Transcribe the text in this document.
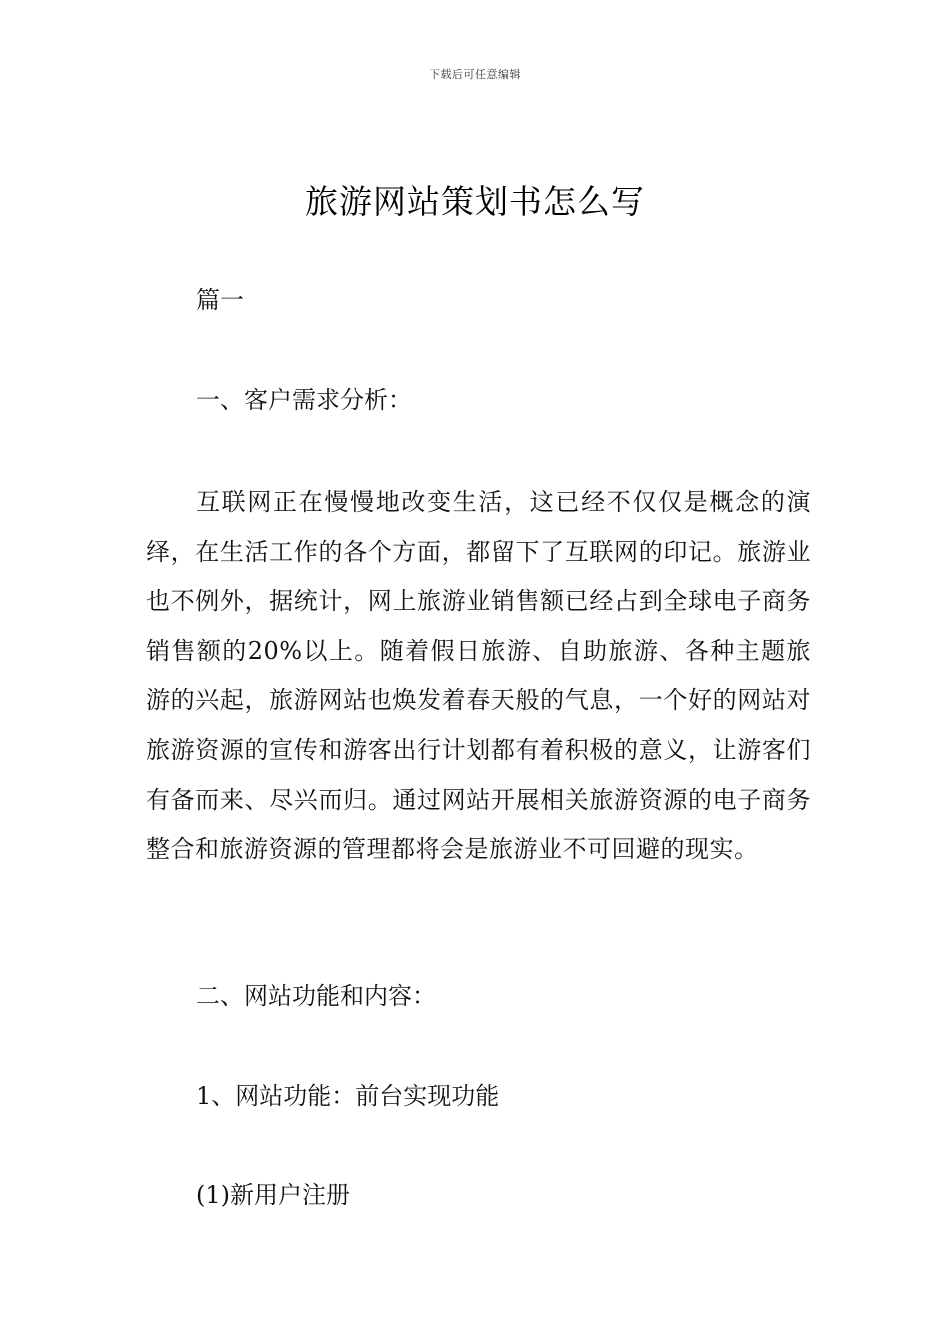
下载后可任意编辑
旅游网站策划书怎么写
篇一
一、客户需求分析：
互联网正在慢慢地改变生活，这已经不仅仅是概念的演绎，在生活工作的各个方面，都留下了互联网的印记。旅游业也不例外，据统计，网上旅游业销售额已经占到全球电子商务销售额的20%以上。随着假日旅游、自助旅游、各种主题旅游的兴起，旅游网站也焕发着春天般的气息，一个好的网站对旅游资源的宣传和游客出行计划都有着积极的意义，让游客们有备而来、尽兴而归。通过网站开展相关旅游资源的电子商务整合和旅游资源的管理都将会是旅游业不可回避的现实。
二、网站功能和内容：
1、网站功能：前台实现功能
(1)新用户注册
